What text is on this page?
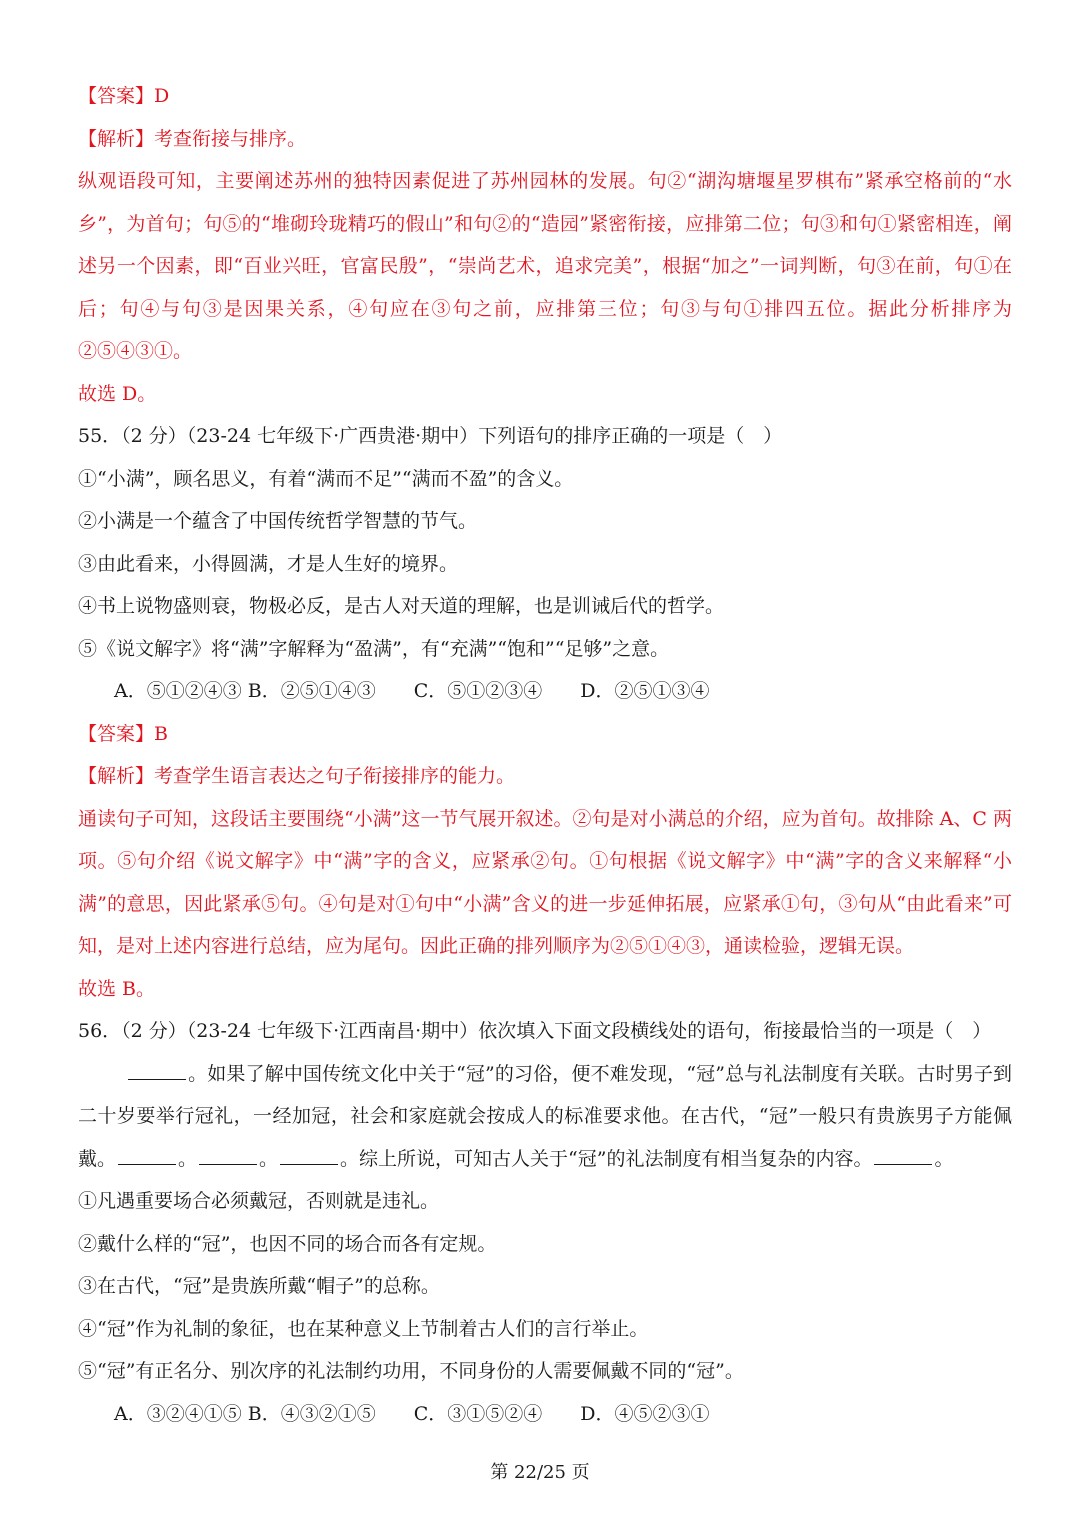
【答案】D
【解析】考查衔接与排序。
纵观语段可知，主要阐述苏州的独特因素促进了苏州园林的发展。句②“湖沟塘堰星罗棋布”紧承空格前的“水乡”，为首句；句⑤的“堆砌玲珑精巧的假山”和句②的“造园”紧密衔接，应排第二位；句③和句①紧密相连，阐述另一个因素，即“百业兴旺，官富民殷”，“崇尚艺术，追求完美”，根据“加之”一词判断，句③在前，句①在后；句④与句③是因果关系，④句应在③句之前，应排第三位；句③与句①排四五位。据此分析排序为②⑤④③①。
故选 D。
55．（2 分）（23-24 七年级下·广西贵港·期中）下列语句的排序正确的一项是（　）
①“小满”，顾名思义，有着“满而不足”“满而不盈”的含义。
②小满是一个蕴含了中国传统哲学智慧的节气。
③由此看来，小得圆满，才是人生好的境界。
④书上说物盛则衰，物极必反，是古人对天道的理解，也是训诫后代的哲学。
⑤《说文解字》将“满”字解释为“盈满”，有“充满”“饱和”“足够”之意。
A．⑤①②④③ B．②⑤①④③　　C．⑤①②③④　　D．②⑤①③④
【答案】B
【解析】考查学生语言表达之句子衔接排序的能力。
通读句子可知，这段话主要围绕“小满”这一节气展开叙述。②句是对小满总的介绍，应为首句。故排除 A、C 两项。⑤句介绍《说文解字》中“满”字的含义，应紧承②句。①句根据《说文解字》中“满”字的含义来解释“小满”的意思，因此紧承⑤句。④句是对①句中“小满”含义的进一步延伸拓展，应紧承①句，③句从“由此看来”可知，是对上述内容进行总结，应为尾句。因此正确的排列顺序为②⑤①④③，通读检验，逻辑无误。
故选 B。
56．（2 分）（23-24 七年级下·江西南昌·期中）依次填入下面文段横线处的语句，衔接最恰当的一项是（　）
。如果了解中国传统文化中关于“冠”的习俗，便不难发现，“冠”总与礼法制度有关联。古时男子到二十岁要举行冠礼，一经加冠，社会和家庭就会按成人的标准要求他。在古代，“冠”一般只有贵族男子方能佩戴。	。	。	。综上所说，可知古人关于“冠”的礼法制度有相当复杂的内容。	。
①凡遇重要场合必须戴冠，否则就是违礼。
②戴什么样的“冠”，也因不同的场合而各有定规。
③在古代，“冠”是贵族所戴“帽子”的总称。
④“冠”作为礼制的象征，也在某种意义上节制着古人们的言行举止。
⑤“冠”有正名分、别次序的礼法制约功用，不同身份的人需要佩戴不同的“冠”。
A．③②④①⑤ B．④③②①⑤　　C．③①⑤②④　　D．④⑤②③①
第 22/25 页
